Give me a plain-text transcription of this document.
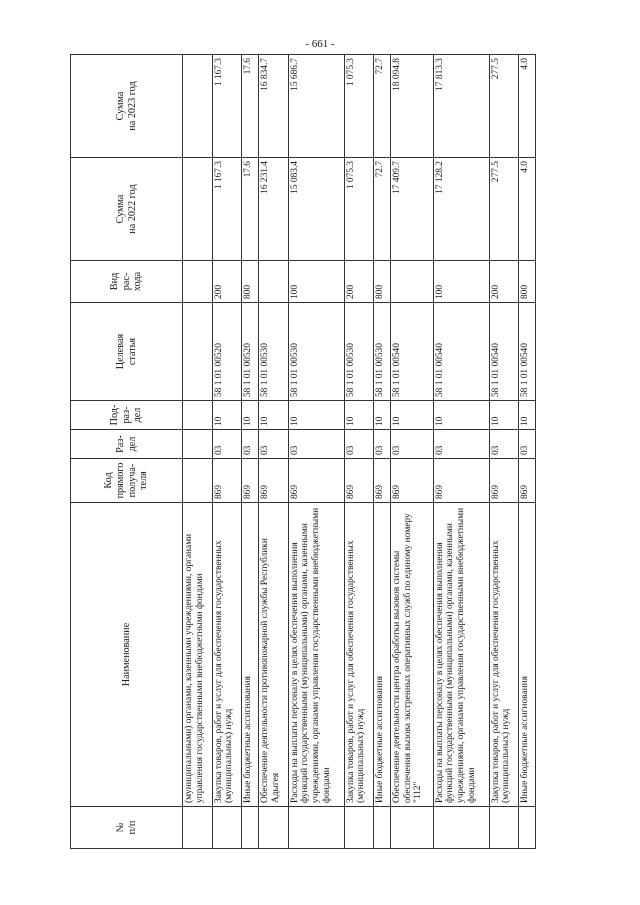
- 661 -
№
п/п	Наименование	Код
прямого
получа-
теля	Раз-
дел	Под-
раз-
дел	Целевая
статья	Вид
рас-
хода	Сумма
на 2022 год	Сумма
на 2023 год
	(муниципальными) органами, казенными учреждениями, органами управления государственными внебюджетными фондами							
	Закупка товаров, работ и услуг для обеспечения государственных (муниципальных) нужд	869	03	10	58 1 01 00520	200	1 167.3	1 167.3
	Иные бюджетные ассигнования	869	03	10	58 1 01 00520	800	17.6	17.6
	Обеспечение деятельности противопожарной службы Республики Адыгея	869	03	10	58 1 01 00530		16 231.4	16 834.7
	Расходы на выплаты персоналу в целях обеспечения выполнения функций государственными (муниципальными) органами, казенными учреждениями, органами управления государственными внебюджетными фондами	869	03	10	58 1 01 00530	100	15 083.4	15 686.7
	Закупка товаров, работ и услуг для обеспечения государственных (муниципальных) нужд	869	03	10	58 1 01 00530	200	1 075.3	1 075.3
	Иные бюджетные ассигнования	869	03	10	58 1 01 00530	800	72.7	72.7
	Обеспечение деятельности центра обработки вызовов системы обеспечения вызова экстренных оперативных служб по единому номеру "112"	869	03	10	58 1 01 00540		17 409.7	18 094.8
	Расходы на выплаты персоналу в целях обеспечения выполнения функций государственными (муниципальными) органами, казенными учреждениями, органами управления государственными внебюджетными фондами	869	03	10	58 1 01 00540	100	17 128.2	17 813.3
	Закупка товаров, работ и услуг для обеспечения государственных (муниципальных) нужд	869	03	10	58 1 01 00540	200	277.5	277.5
	Иные бюджетные ассигнования	869	03	10	58 1 01 00540	800	4.0	4.0
